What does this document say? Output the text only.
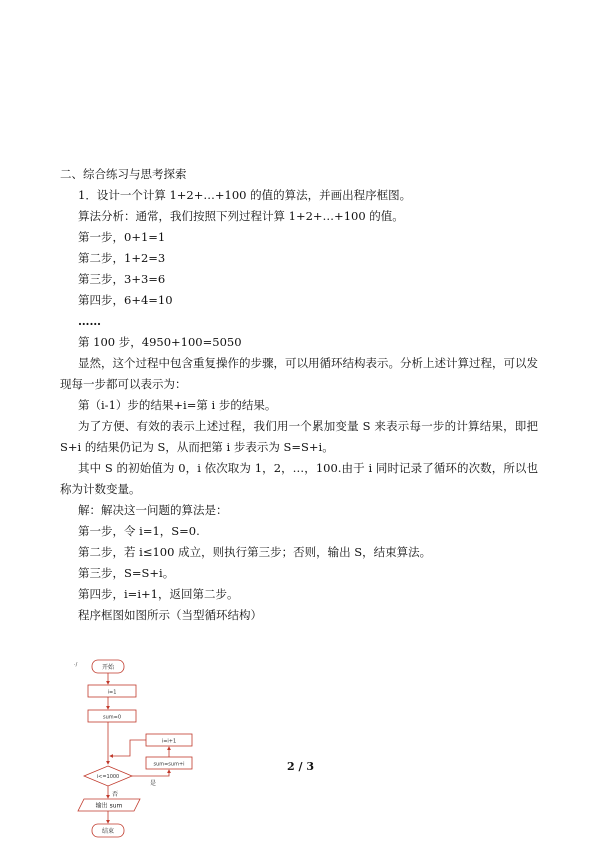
二、综合练习与思考探索
1．设计一个计算 1+2+…+100 的值的算法，并画出程序框图。
算法分析：通常，我们按照下列过程计算 1+2+…+100 的值。
第一步，0+1=1
第二步，1+2=3
第三步，3+3=6
第四步，6+4=10
……
第 100 步，4950+100=5050
显然，这个过程中包含重复操作的步骤，可以用循环结构表示。分析上述计算过程，可以发现每一步都可以表示为：
第（i-1）步的结果+i=第 i 步的结果。
为了方便、有效的表示上述过程，我们用一个累加变量 S 来表示每一步的计算结果，即把 S+i 的结果仍记为 S，从而把第 i 步表示为 S=S+i。
其中 S 的初始值为 0，i 依次取为 1，2，…，100.由于 i 同时记录了循环的次数，所以也称为计数变量。
解：解决这一问题的算法是：
第一步，令 i=1，S=0.
第二步，若 i≤100 成立，则执行第三步；否则，输出 S，结束算法。
第三步，S=S+i。
第四步，i=i+1，返回第二步。
程序框图如图所示（当型循环结构）
2 / 3
·/	开始
i=1
sum=0
i=i+1
sum=sum+i
i<=1000
是
否
输出 sum
结束
